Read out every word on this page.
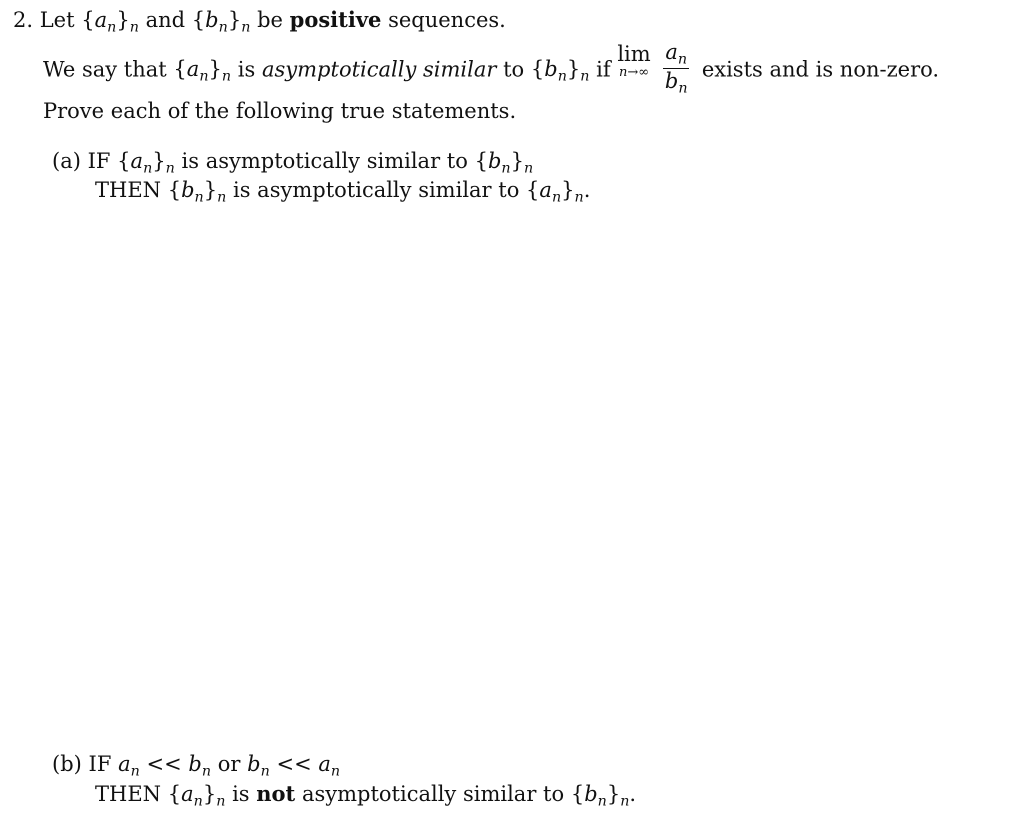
2. Let $\{a_n\}_n$ and $\{b_n\}_n$ be positive sequences.
We say that $\{a_n\}_n$ is asymptotically similar to $\{b_n\}_n$ if
lim
n→∞
$\frac{a_n}{b_n}$ exists and is non-zero.
Prove each of the following true statements.
(a) IF $\{a_n\}_n$ is asymptotically similar to $\{b_n\}_n$
THEN $\{b_n\}_n$ is asymptotically similar to $\{a_n\}_n$.
(b) IF $a_n << b_n$ or $b_n << a_n$
THEN $\{a_n\}_n$ is not asymptotically similar to $\{b_n\}_n$.
